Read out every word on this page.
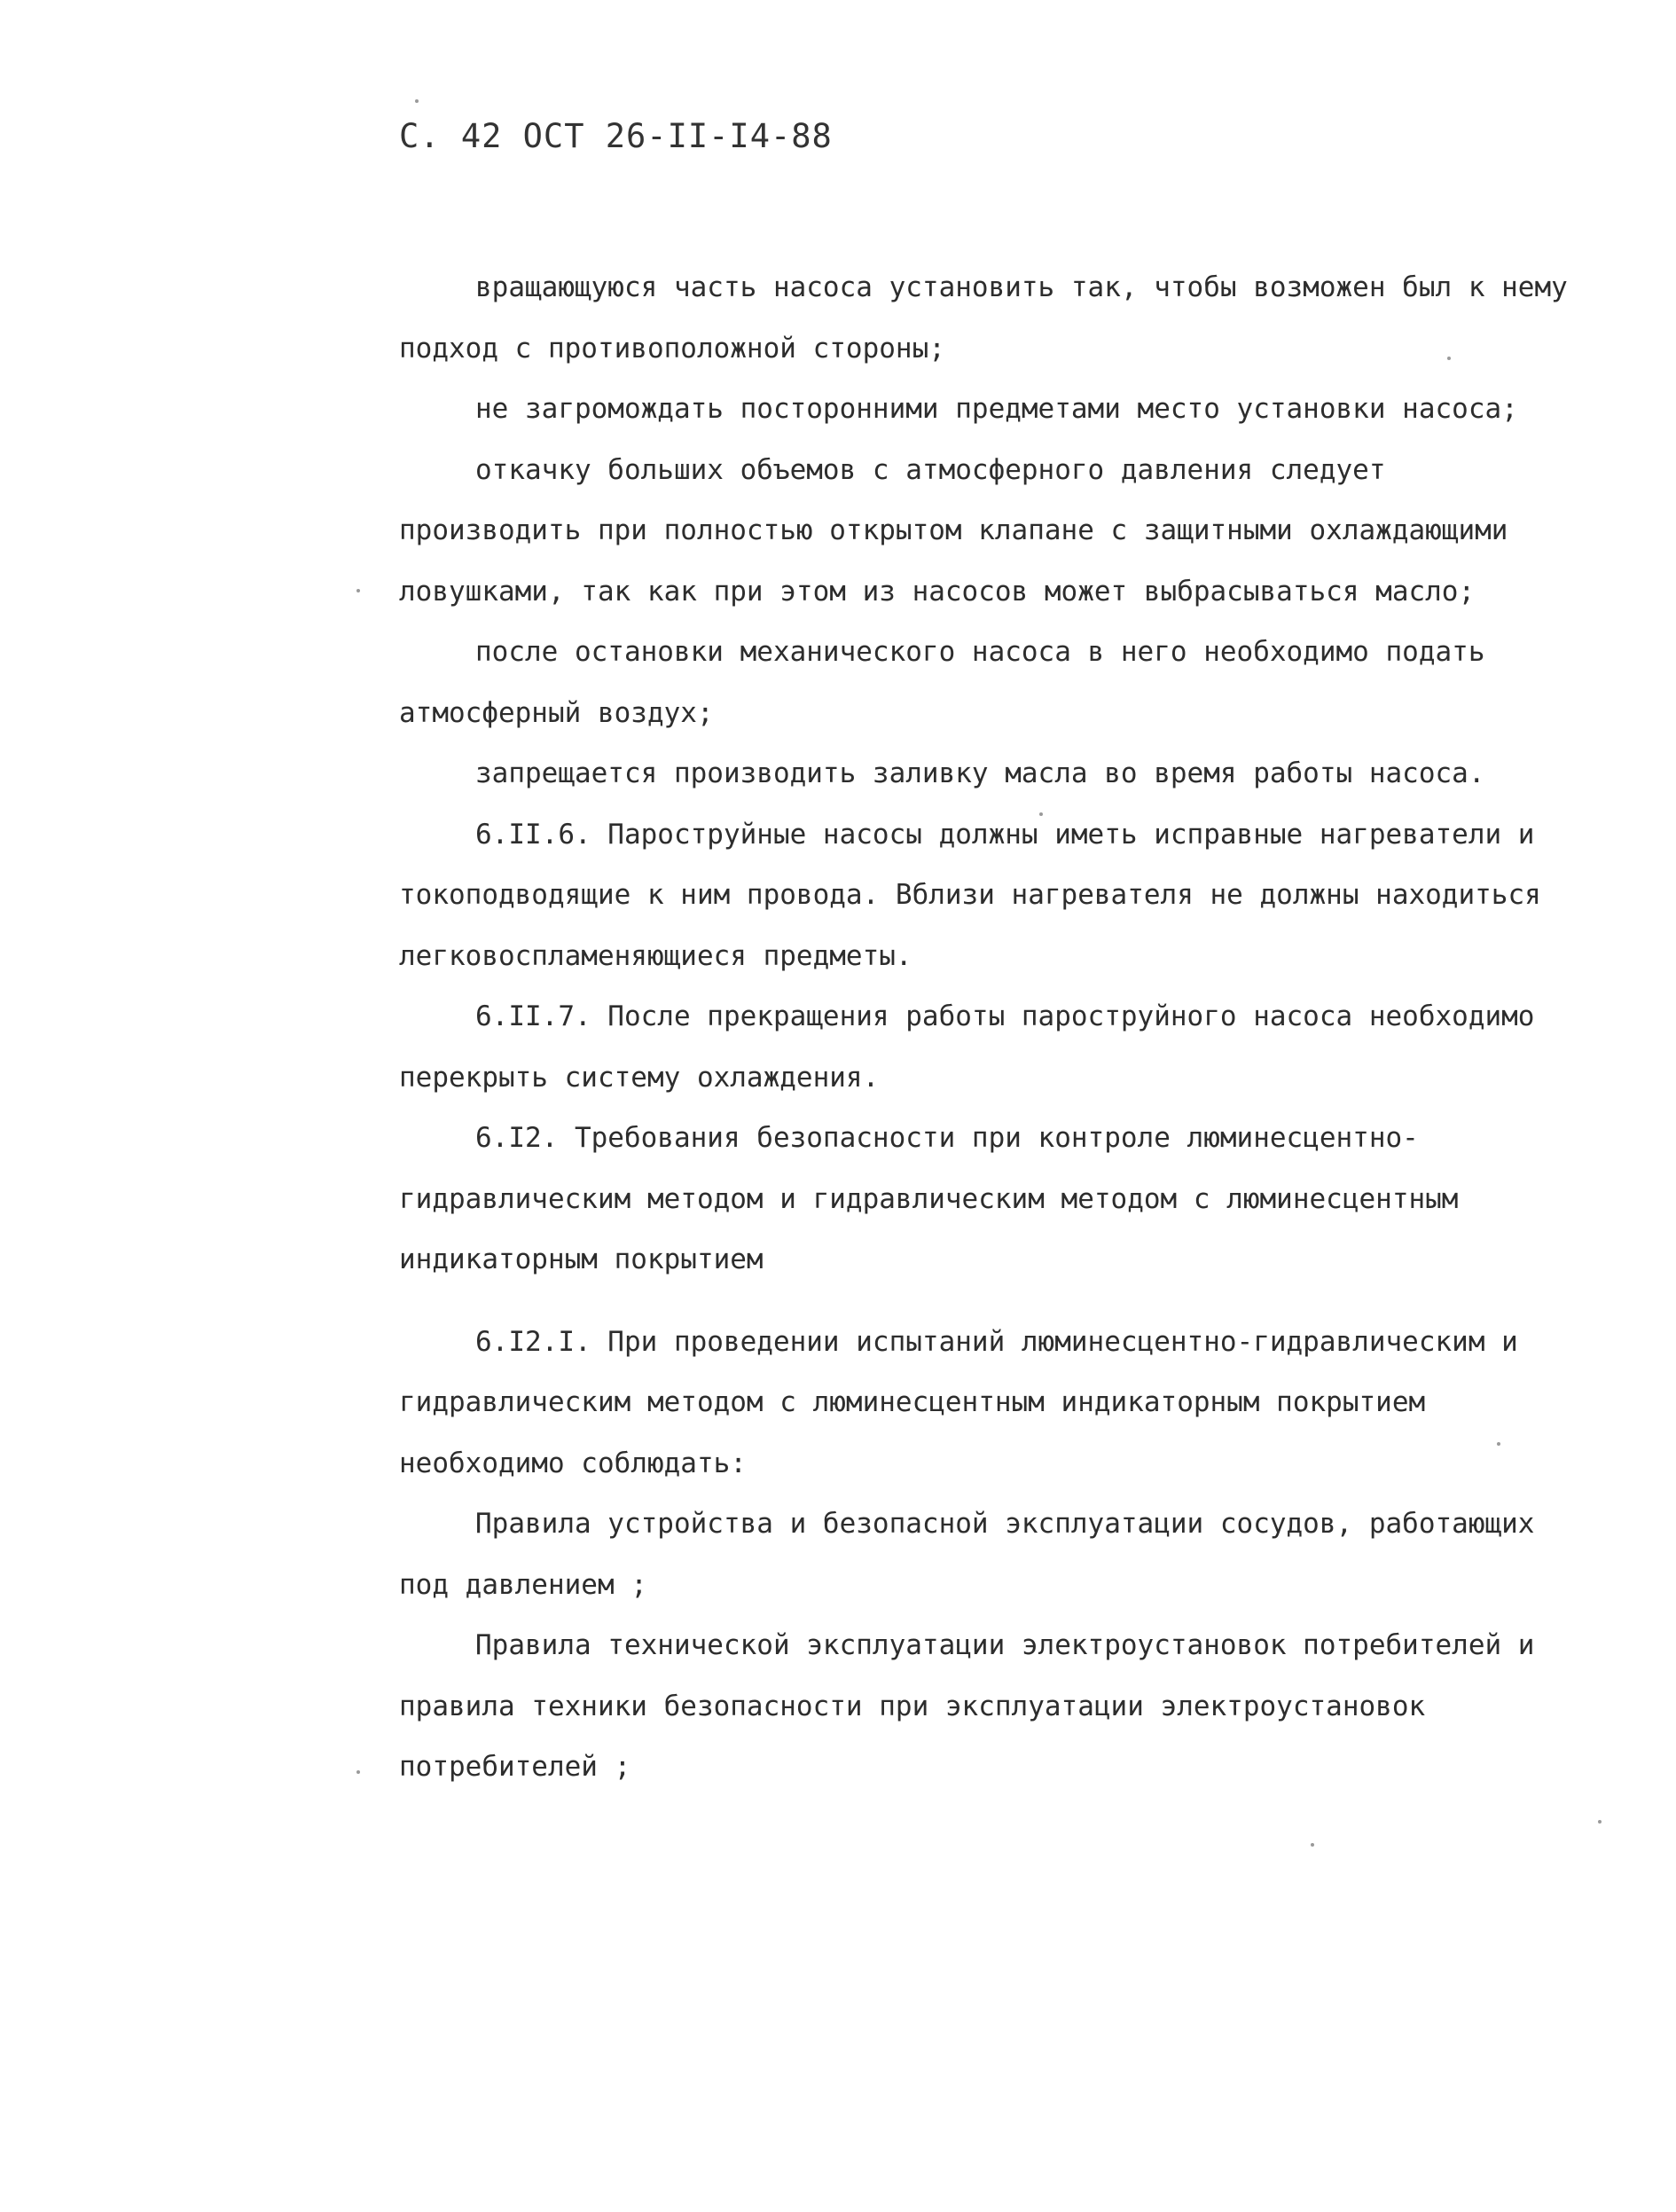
С. 42 ОСТ 26-II-I4-88

вращающуюся часть насоса установить так, чтобы возможен был к нему подход с противоположной стороны;

не загромождать посторонними предметами место установки насоса;

откачку больших объемов с атмосферного давления следует производить при полностью открытом клапане с защитными охлаждающими ловушками, так как при этом из насосов может выбрасываться масло;

после остановки механического насоса в него необходимо подать атмосферный воздух;

запрещается производить заливку масла во время работы насоса.

6.II.6. Пароструйные насосы должны иметь исправные нагреватели и токоподводящие к ним провода. Вблизи нагревателя не должны находиться легковоспламеняющиеся предметы.

6.II.7. После прекращения работы пароструйного насоса необходимо перекрыть систему охлаждения.

6.I2. Требования безопасности при контроле люминесцентно-гидравлическим методом и гидравлическим методом с люминесцентным индикаторным покрытием

6.I2.I. При проведении испытаний люминесцентно-гидравлическим и гидравлическим методом с люминесцентным индикаторным покрытием необходимо соблюдать:

Правила устройства и безопасной эксплуатации сосудов, работающих под давлением ;

Правила технической эксплуатации электроустановок потребителей и правила техники безопасности при эксплуатации электроустановок потребителей ;
